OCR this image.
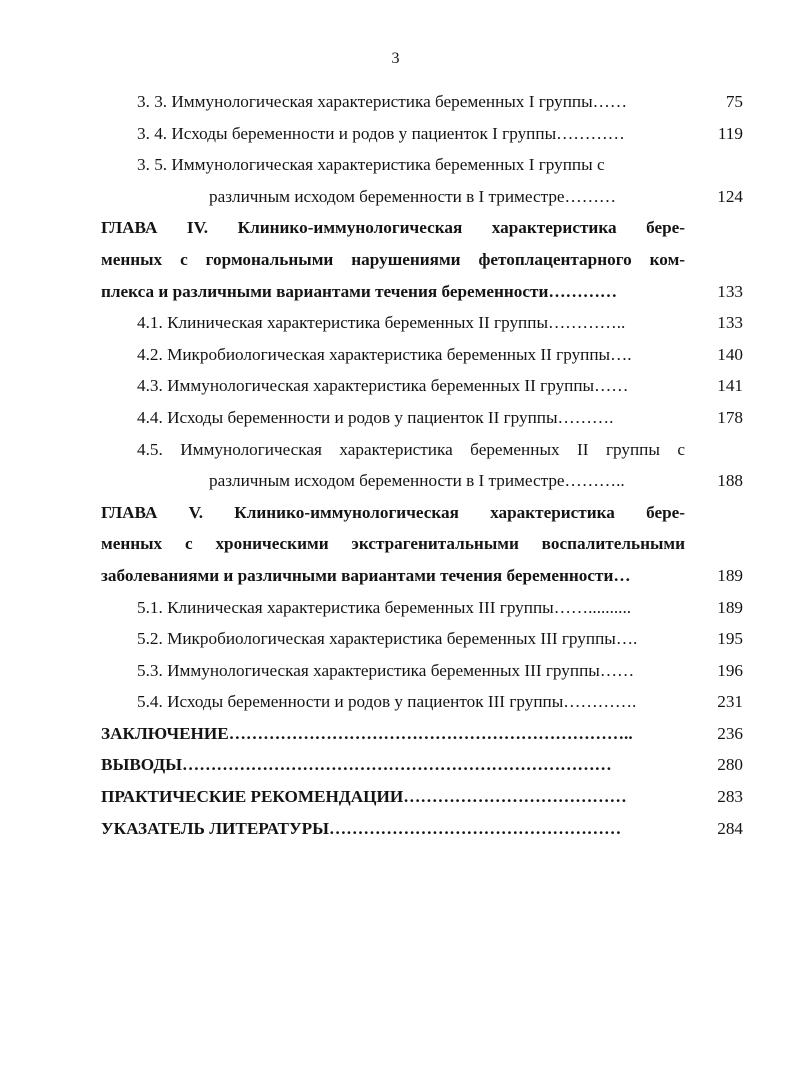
3
3. 3. Иммунологическая характеристика беременных I группы……	75
3. 4. Исходы беременности и родов у пациенток I группы…………	119
3. 5. Иммунологическая характеристика беременных I группы с
различным исходом беременности в I триместре………	124
ГЛАВА IV. Клинико-иммунологическая характеристика бере-
менных с гормональными нарушениями фетоплацентарного ком-
плекса и различными вариантами течения беременности…………	133
4.1. Клиническая характеристика беременных II группы…………..	133
4.2. Микробиологическая характеристика беременных II группы….	140
4.3. Иммунологическая характеристика беременных II группы……	141
4.4. Исходы беременности и родов у пациенток II группы……….	178
4.5. Иммунологическая характеристика беременных II группы с
различным исходом беременности в I триместре………..	188
ГЛАВА V. Клинико-иммунологическая характеристика бере-
менных с хроническими экстрагенитальными воспалительными
заболеваниями и различными вариантами течения беременности…	189
5.1. Клиническая характеристика беременных III группы……..........	189
5.2. Микробиологическая характеристика беременных III группы….	195
5.3. Иммунологическая характеристика беременных III группы……	196
5.4. Исходы беременности и родов у пациенток III группы………….	231
ЗАКЛЮЧЕНИЕ……………………………………………………………..	236
ВЫВОДЫ…………………………………………………………………	280
ПРАКТИЧЕСКИЕ РЕКОМЕНДАЦИИ…………………………………	283
УКАЗАТЕЛЬ ЛИТЕРАТУРЫ……………………………………………	284
